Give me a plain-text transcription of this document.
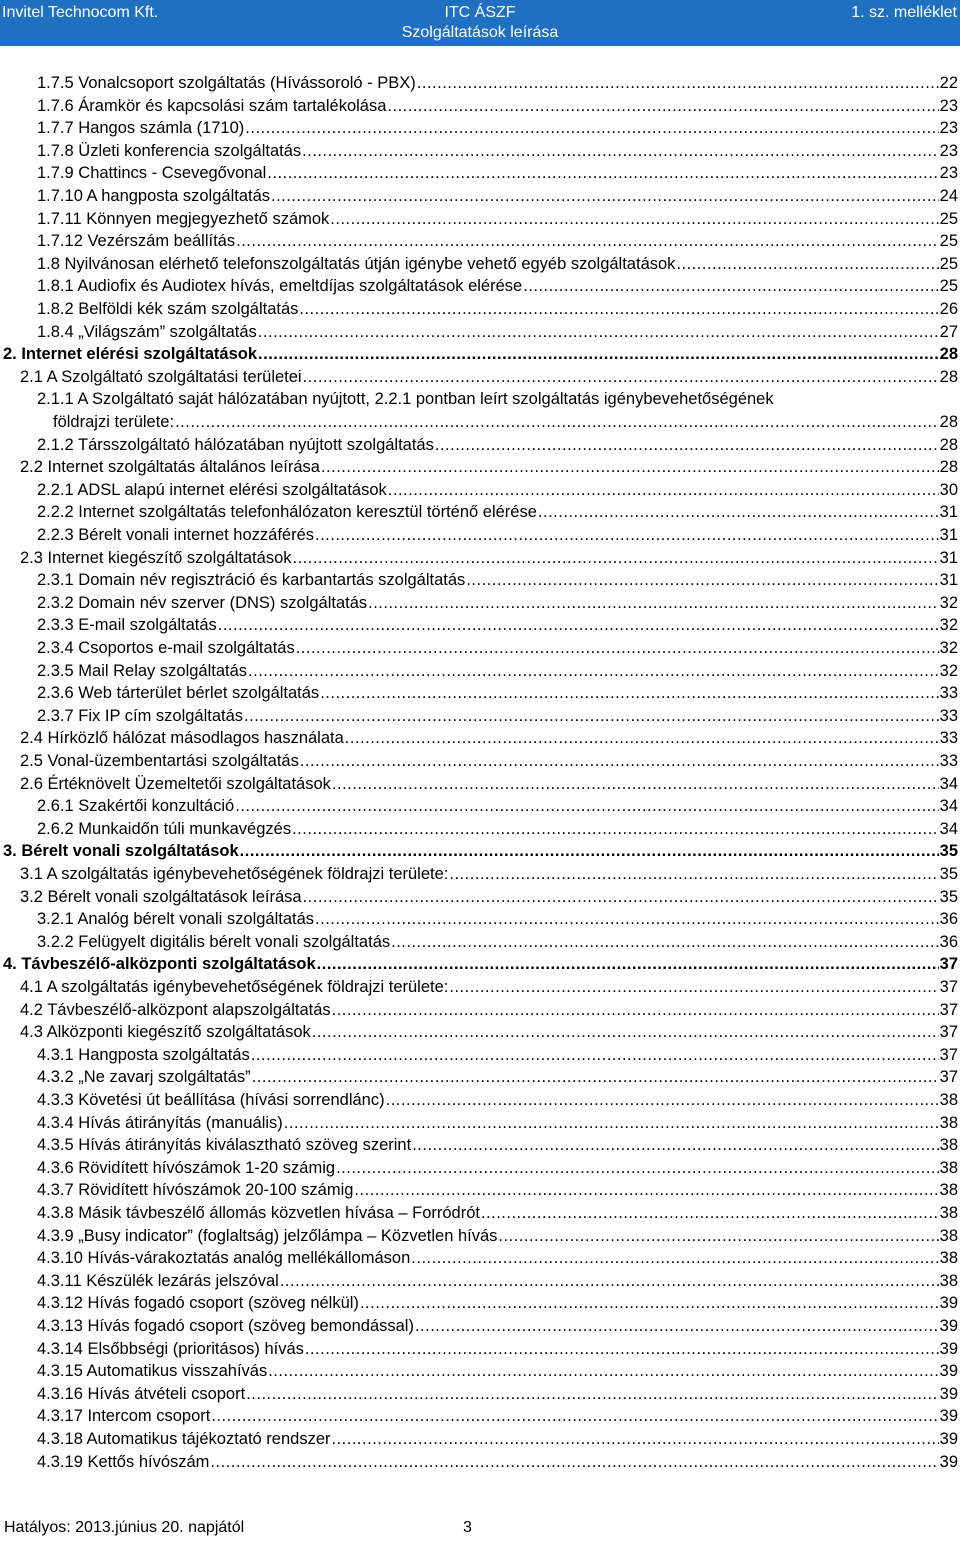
Invitel Technocom Kft.	ITC ÁSZF
Szolgáltatások leírása
1. sz. melléklet
1.7.5 Vonalcsoport szolgáltatás (Hívássoroló - PBX) .....	22
1.7.6 Áramkör és kapcsolási szám tartalékolása .....	23
1.7.7 Hangos számla (1710) .....	23
1.7.8 Üzleti konferencia szolgáltatás .....	23
1.7.9 Chattincs - Csevegővonal .....	23
1.7.10 A hangposta szolgáltatás .....	24
1.7.11 Könnyen megjegyezhető számok .....	25
1.7.12 Vezérszám beállítás .....	25
1.8 Nyilvánosan elérhető telefonszolgáltatás útján igénybe vehető egyéb szolgáltatások .....	25
1.8.1 Audiofix és Audiotex hívás, emeltdíjas szolgáltatások elérése .....	25
1.8.2 Belföldi kék szám szolgáltatás .....	26
1.8.4 „Világszám” szolgáltatás .....	27
2. Internet elérési szolgáltatások .....	28
2.1 A Szolgáltató szolgáltatási területei .....	28
2.1.1 A Szolgáltató saját hálózatában nyújtott, 2.2.1 pontban leírt szolgáltatás igénybevehetőségének
földrajzi területe: .....	28
2.1.2 Társszolgáltató hálózatában nyújtott szolgáltatás .....	28
2.2 Internet szolgáltatás általános leírása .....	28
2.2.1 ADSL alapú internet elérési szolgáltatások .....	30
2.2.2 Internet szolgáltatás telefonhálózaton keresztül történő elérése .....	31
2.2.3 Bérelt vonali internet hozzáférés .....	31
2.3 Internet kiegészítő szolgáltatások .....	31
2.3.1 Domain név regisztráció és karbantartás szolgáltatás .....	31
2.3.2 Domain név szerver (DNS) szolgáltatás .....	32
2.3.3 E-mail szolgáltatás .....	32
2.3.4 Csoportos e-mail szolgáltatás .....	32
2.3.5 Mail Relay szolgáltatás .....	32
2.3.6 Web tárterület bérlet szolgáltatás .....	33
2.3.7 Fix IP cím szolgáltatás .....	33
2.4 Hírközlő hálózat másodlagos használata .....	33
2.5 Vonal-üzembentartási szolgáltatás .....	33
2.6 Értéknövelt Üzemeltetői szolgáltatások .....	34
2.6.1 Szakértői konzultáció .....	34
2.6.2 Munkaidőn túli munkavégzés .....	34
3. Bérelt vonali szolgáltatások .....	35
3.1 A szolgáltatás igénybevehetőségének földrajzi területe: .....	35
3.2 Bérelt vonali szolgáltatások leírása .....	35
3.2.1 Analóg bérelt vonali szolgáltatás .....	36
3.2.2 Felügyelt digitális bérelt vonali szolgáltatás .....	36
4. Távbeszélő-alközponti szolgáltatások .....	37
4.1 A szolgáltatás igénybevehetőségének földrajzi területe: .....	37
4.2 Távbeszélő-alközpont alapszolgáltatás .....	37
4.3 Alközponti kiegészítő szolgáltatások .....	37
4.3.1 Hangposta szolgáltatás .....	37
4.3.2 „Ne zavarj szolgáltatás” .....	37
4.3.3 Követési út beállítása (hívási sorrendlánc) .....	38
4.3.4 Hívás átirányítás (manuális) .....	38
4.3.5 Hívás átirányítás kiválasztható szöveg szerint .....	38
4.3.6 Rövidített hívószámok 1-20 számig .....	38
4.3.7 Rövidített hívószámok 20-100 számig .....	38
4.3.8 Másik távbeszélő állomás közvetlen hívása – Forródrót .....	38
4.3.9 „Busy indicator” (foglaltság) jelzőlámpa – Közvetlen hívás .....	38
4.3.10 Hívás-várakoztatás analóg mellékállomáson .....	38
4.3.11 Készülék lezárás jelszóval .....	38
4.3.12 Hívás fogadó csoport (szöveg nélkül) .....	39
4.3.13 Hívás fogadó csoport (szöveg bemondással) .....	39
4.3.14 Elsőbbségi (prioritásos) hívás .....	39
4.3.15 Automatikus visszahívás .....	39
4.3.16 Hívás átvételi csoport .....	39
4.3.17 Intercom csoport .....	39
4.3.18 Automatikus tájékoztató rendszer .....	39
4.3.19 Kettős hívószám .....	39
Hatályos: 2013.június 20. napjától	3
